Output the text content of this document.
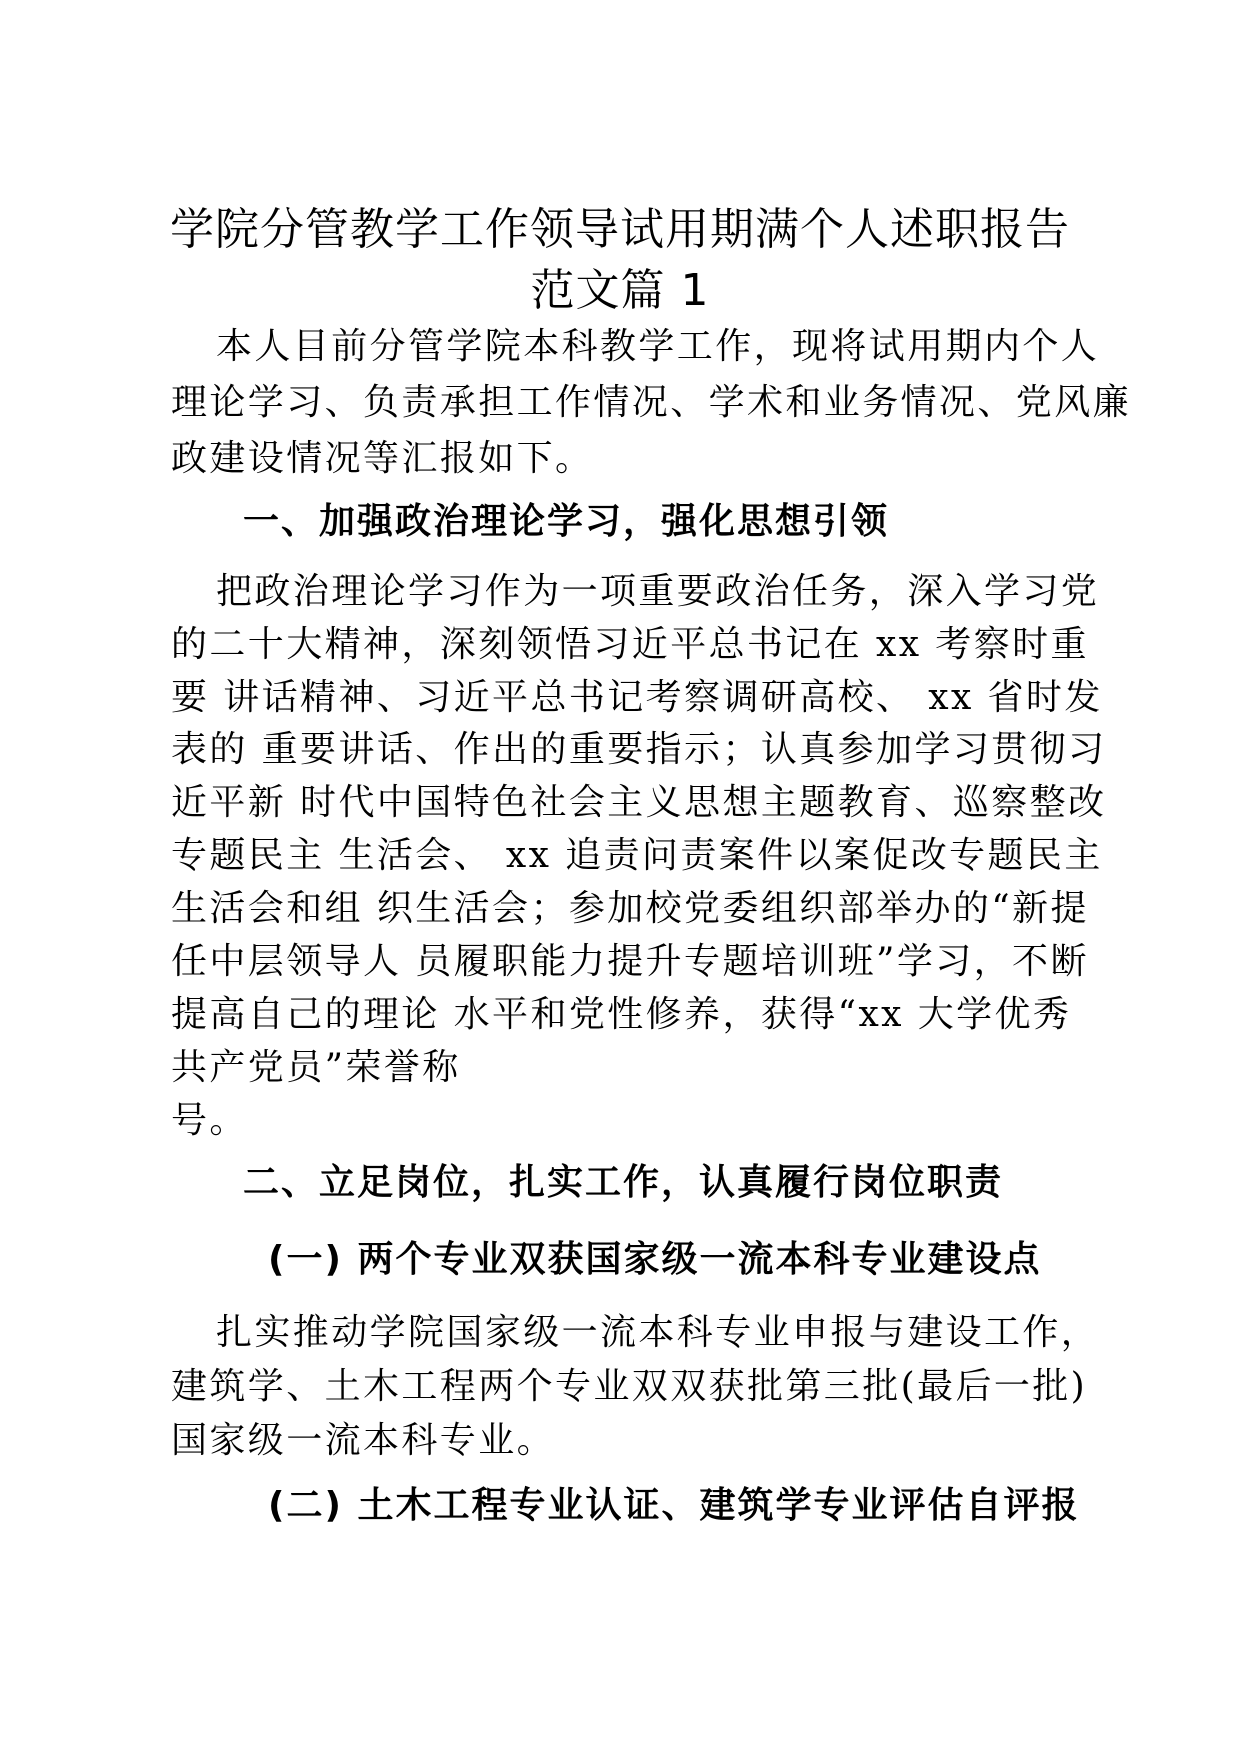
学院分管教学工作领导试用期满个人述职报告
范文篇 1
本人目前分管学院本科教学工作，现将试用期内个人
理论学习、负责承担工作情况、学术和业务情况、党风廉
政建设情况等汇报如下。
一、加强政治理论学习，强化思想引领
把政治理论学习作为一项重要政治任务，深入学习党
的二十大精神，深刻领悟习近平总书记在 xx 考察时重
要 讲话精神、习近平总书记考察调研高校、 xx 省时发
表的 重要讲话、作出的重要指示；认真参加学习贯彻习
近平新 时代中国特色社会主义思想主题教育、巡察整改
专题民主 生活会、 xx 追责问责案件以案促改专题民主
生活会和组 织生活会；参加校党委组织部举办的“新提
任中层领导人 员履职能力提升专题培训班”学习，不断
提高自己的理论 水平和党性修养，获得“xx 大学优秀
共产党员”荣誉称
号。
二、立足岗位，扎实工作，认真履行岗位职责
(一) 两个专业双获国家级一流本科专业建设点
扎实推动学院国家级一流本科专业申报与建设工作，
建筑学、土木工程两个专业双双获批第三批(最后一批)
国家级一流本科专业。
(二) 土木工程专业认证、建筑学专业评估自评报
